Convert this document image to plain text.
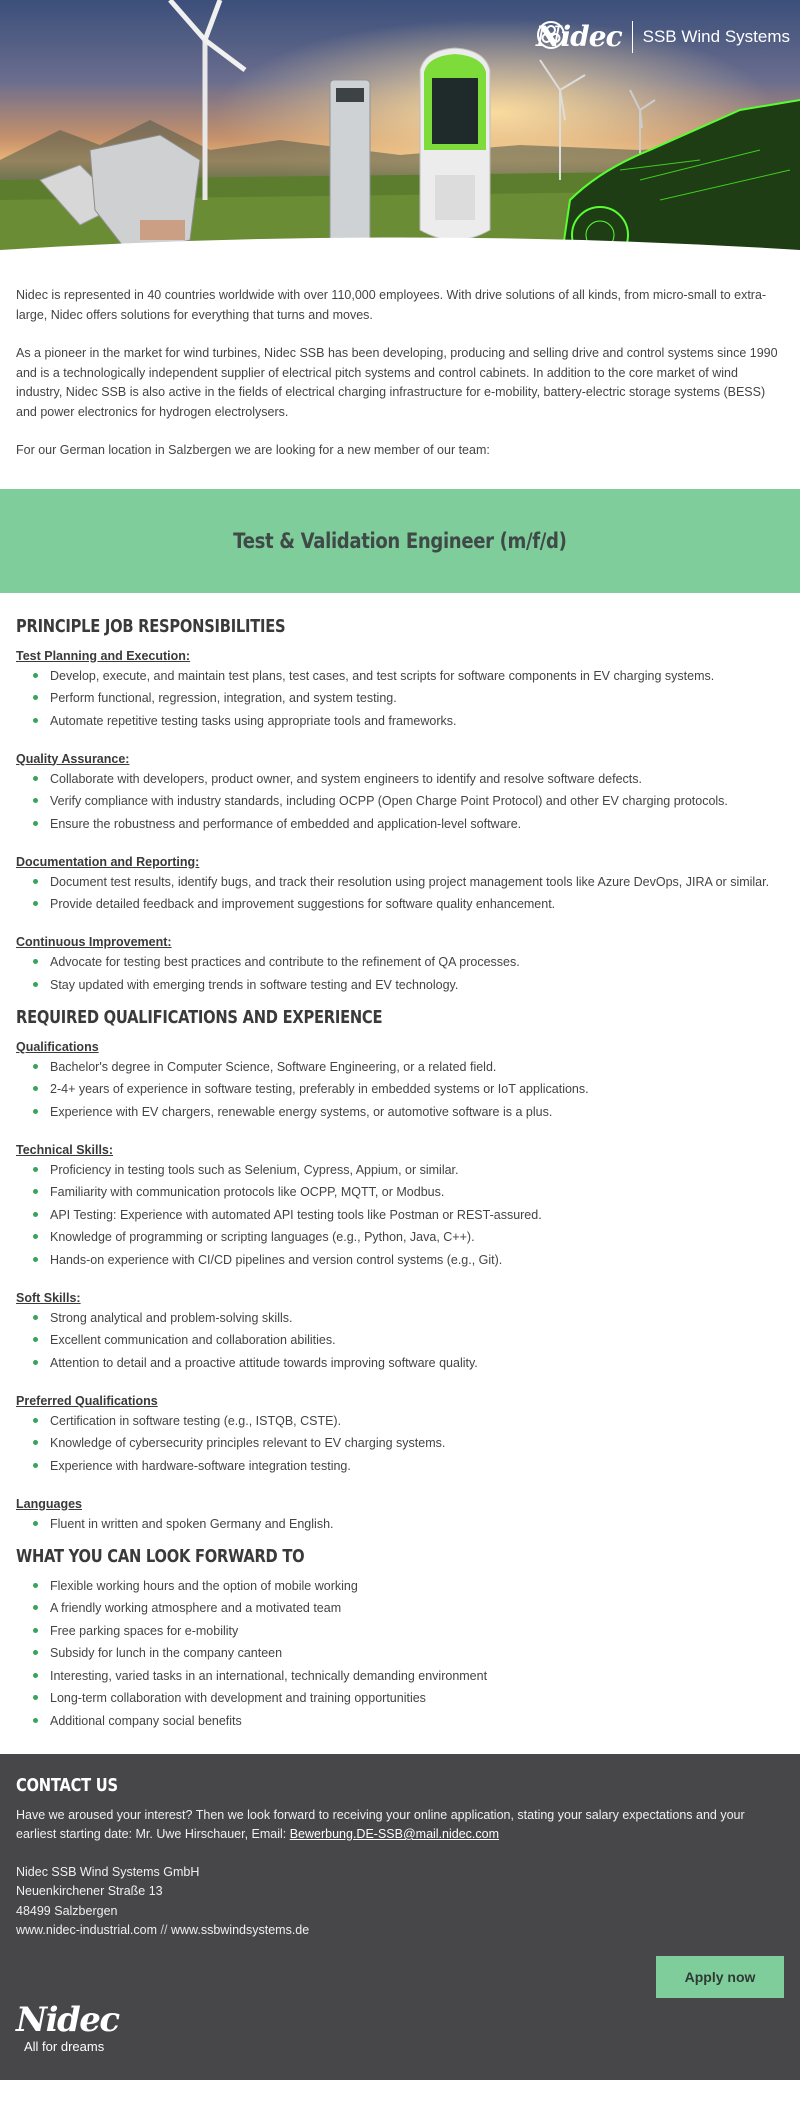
Nidec SSB Wind Systems

Nidec is represented in 40 countries worldwide with over 110,000 employees. With drive solutions of all kinds, from micro-small to extra-large, Nidec offers solutions for everything that turns and moves.

As a pioneer in the market for wind turbines, Nidec SSB has been developing, producing and selling drive and control systems since 1990 and is a technologically independent supplier of electrical pitch systems and control cabinets. In addition to the core market of wind industry, Nidec SSB is also active in the fields of electrical charging infrastructure for e-mobility, battery-electric storage systems (BESS) and power electronics for hydrogen electrolysers.

For our German location in Salzbergen we are looking for a new member of our team:

Test & Validation Engineer (m/f/d)
PRINCIPLE JOB RESPONSIBILITIES
Test Planning and Execution:
Develop, execute, and maintain test plans, test cases, and test scripts for software components in EV charging systems.
Perform functional, regression, integration, and system testing.
Automate repetitive testing tasks using appropriate tools and frameworks.
Quality Assurance:
Collaborate with developers, product owner, and system engineers to identify and resolve software defects.
Verify compliance with industry standards, including OCPP (Open Charge Point Protocol) and other EV charging protocols.
Ensure the robustness and performance of embedded and application-level software.
Documentation and Reporting:
Document test results, identify bugs, and track their resolution using project management tools like Azure DevOps, JIRA or similar.
Provide detailed feedback and improvement suggestions for software quality enhancement.
Continuous Improvement:
Advocate for testing best practices and contribute to the refinement of QA processes.
Stay updated with emerging trends in software testing and EV technology.
REQUIRED QUALIFICATIONS AND EXPERIENCE
Qualifications
Bachelor's degree in Computer Science, Software Engineering, or a related field.
2-4+ years of experience in software testing, preferably in embedded systems or IoT applications.
Experience with EV chargers, renewable energy systems, or automotive software is a plus.
Technical Skills:
Proficiency in testing tools such as Selenium, Cypress, Appium, or similar.
Familiarity with communication protocols like OCPP, MQTT, or Modbus.
API Testing: Experience with automated API testing tools like Postman or REST-assured.
Knowledge of programming or scripting languages (e.g., Python, Java, C++).
Hands-on experience with CI/CD pipelines and version control systems (e.g., Git).
Soft Skills:
Strong analytical and problem-solving skills.
Excellent communication and collaboration abilities.
Attention to detail and a proactive attitude towards improving software quality.
Preferred Qualifications
Certification in software testing (e.g., ISTQB, CSTE).
Knowledge of cybersecurity principles relevant to EV charging systems.
Experience with hardware-software integration testing.
Languages
Fluent in written and spoken Germany and English.
WHAT YOU CAN LOOK FORWARD TO
Flexible working hours and the option of mobile working
A friendly working atmosphere and a motivated team
Free parking spaces for e-mobility
Subsidy for lunch in the company canteen
Interesting, varied tasks in an international, technically demanding environment
Long-term collaboration with development and training opportunities
Additional company social benefits
CONTACT US

Have we aroused your interest? Then we look forward to receiving your online application, stating your salary expectations and your earliest starting date: Mr. Uwe Hirschauer, Email: Bewerbung.DE-SSB@mail.nidec.com

Nidec SSB Wind Systems GmbH
Neuenkirchener Straße 13
48499 Salzbergen
www.nidec-industrial.com // www.ssbwindsystems.de
Apply now
Nidec
All for dreams
